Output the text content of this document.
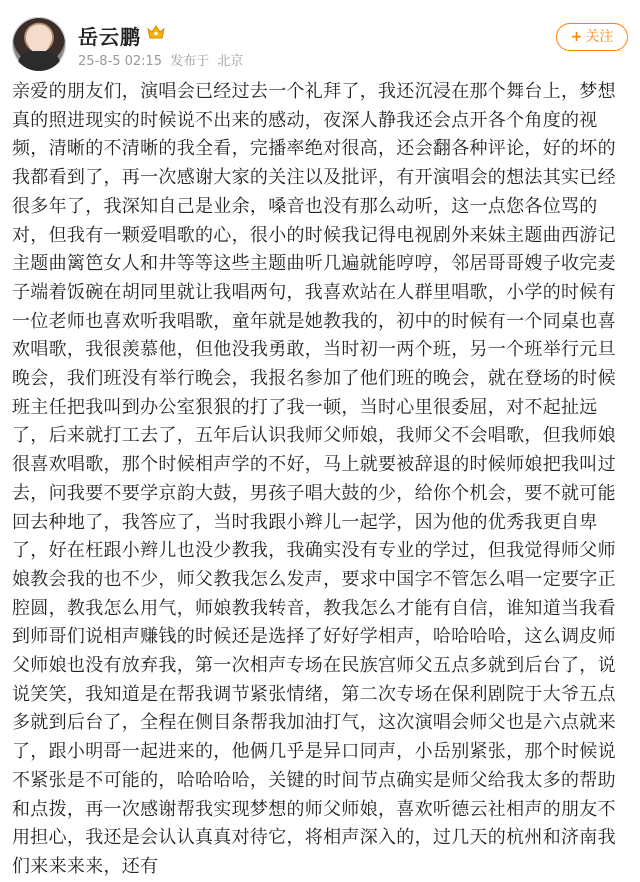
岳云鹏
25-8-5 02:15 发布于 北京
+ 关注
亲爱的朋友们，演唱会已经过去一个礼拜了，我还沉浸在那个舞台上，梦想真的照进现实的时候说不出来的感动，夜深人静我还会点开各个角度的视频，清晰的不清晰的我全看，完播率绝对很高，还会翻各种评论，好的坏的我都看到了，再一次感谢大家的关注以及批评，有开演唱会的想法其实已经很多年了，我深知自己是业余，嗓音也没有那么动听，这一点您各位骂的对，但我有一颗爱唱歌的心，很小的时候我记得电视剧外来妹主题曲西游记主题曲篱笆女人和井等等这些主题曲听几遍就能哼哼，邻居哥哥嫂子收完麦子端着饭碗在胡同里就让我唱两句，我喜欢站在人群里唱歌，小学的时候有一位老师也喜欢听我唱歌，童年就是她教我的，初中的时候有一个同桌也喜欢唱歌，我很羡慕他，但他没我勇敢，当时初一两个班，另一个班举行元旦晚会，我们班没有举行晚会，我报名参加了他们班的晚会，就在登场的时候班主任把我叫到办公室狠狠的打了我一顿，当时心里很委屈，对不起扯远了，后来就打工去了，五年后认识我师父师娘，我师父不会唱歌，但我师娘很喜欢唱歌，那个时候相声学的不好，马上就要被辞退的时候师娘把我叫过去，问我要不要学京韵大鼓，男孩子唱大鼓的少，给你个机会，要不就可能回去种地了，我答应了，当时我跟小辫儿一起学，因为他的优秀我更自卑了，好在枉跟小辫儿也没少教我，我确实没有专业的学过，但我觉得师父师娘教会我的也不少，师父教我怎么发声，要求中国字不管怎么唱一定要字正腔圆，教我怎么用气，师娘教我转音，教我怎么才能有自信，谁知道当我看到师哥们说相声赚钱的时候还是选择了好好学相声，哈哈哈哈，这么调皮师父师娘也没有放弃我，第一次相声专场在民族宫师父五点多就到后台了，说说笑笑，我知道是在帮我调节紧张情绪，第二次专场在保利剧院于大爷五点多就到后台了，全程在侧目条帮我加油打气，这次演唱会师父也是六点就来了，跟小明哥一起进来的，他俩几乎是异口同声，小岳别紧张，那个时候说不紧张是不可能的，哈哈哈哈，关键的时间节点确实是师父给我太多的帮助和点拨，再一次感谢帮我实现梦想的师父师娘，喜欢听德云社相声的朋友不用担心，我还是会认认真真对待它，将相声深入的，过几天的杭州和济南我们来来来来，还有
